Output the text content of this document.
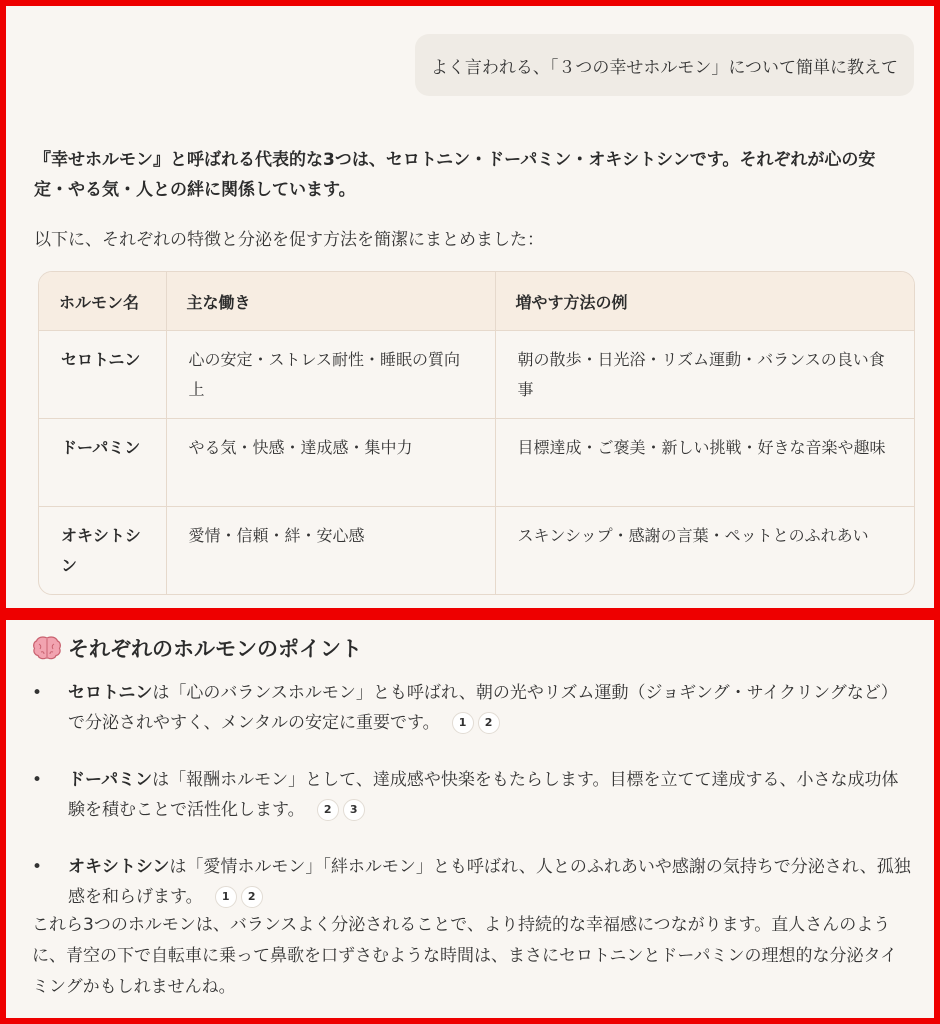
よく言われる、「３つの幸せホルモン」について簡単に教えて

『幸せホルモン』と呼ばれる代表的な3つは、セロトニン・ドーパミン・オキシトシンです。それぞれが心の安定・やる気・人との絆に関係しています。

以下に、それぞれの特徴と分泌を促す方法を簡潔にまとめました：

ホルモン名	主な働き	増やす方法の例
セロトニン	心の安定・ストレス耐性・睡眠の質向上	朝の散歩・日光浴・リズム運動・バランスの良い食事
ドーパミン	やる気・快感・達成感・集中力	目標達成・ご褒美・新しい挑戦・好きな音楽や趣味
オキシトシン	愛情・信頼・絆・安心感	スキンシップ・感謝の言葉・ペットとのふれあい
それぞれのホルモンのポイント
• セロトニンは「心のバランスホルモン」とも呼ばれ、朝の光やリズム運動（ジョギング・サイクリングなど）で分泌されやすく、メンタルの安定に重要です。 1 2
• ドーパミンは「報酬ホルモン」として、達成感や快楽をもたらします。目標を立てて達成する、小さな成功体験を積むことで活性化します。 2 3
• オキシトシンは「愛情ホルモン」「絆ホルモン」とも呼ばれ、人とのふれあいや感謝の気持ちで分泌され、孤独感を和らげます。 1 2

これら3つのホルモンは、バランスよく分泌されることで、より持続的な幸福感につながります。直人さんのように、青空の下で自転車に乗って鼻歌を口ずさむような時間は、まさにセロトニンとドーパミンの理想的な分泌タイミングかもしれませんね。
